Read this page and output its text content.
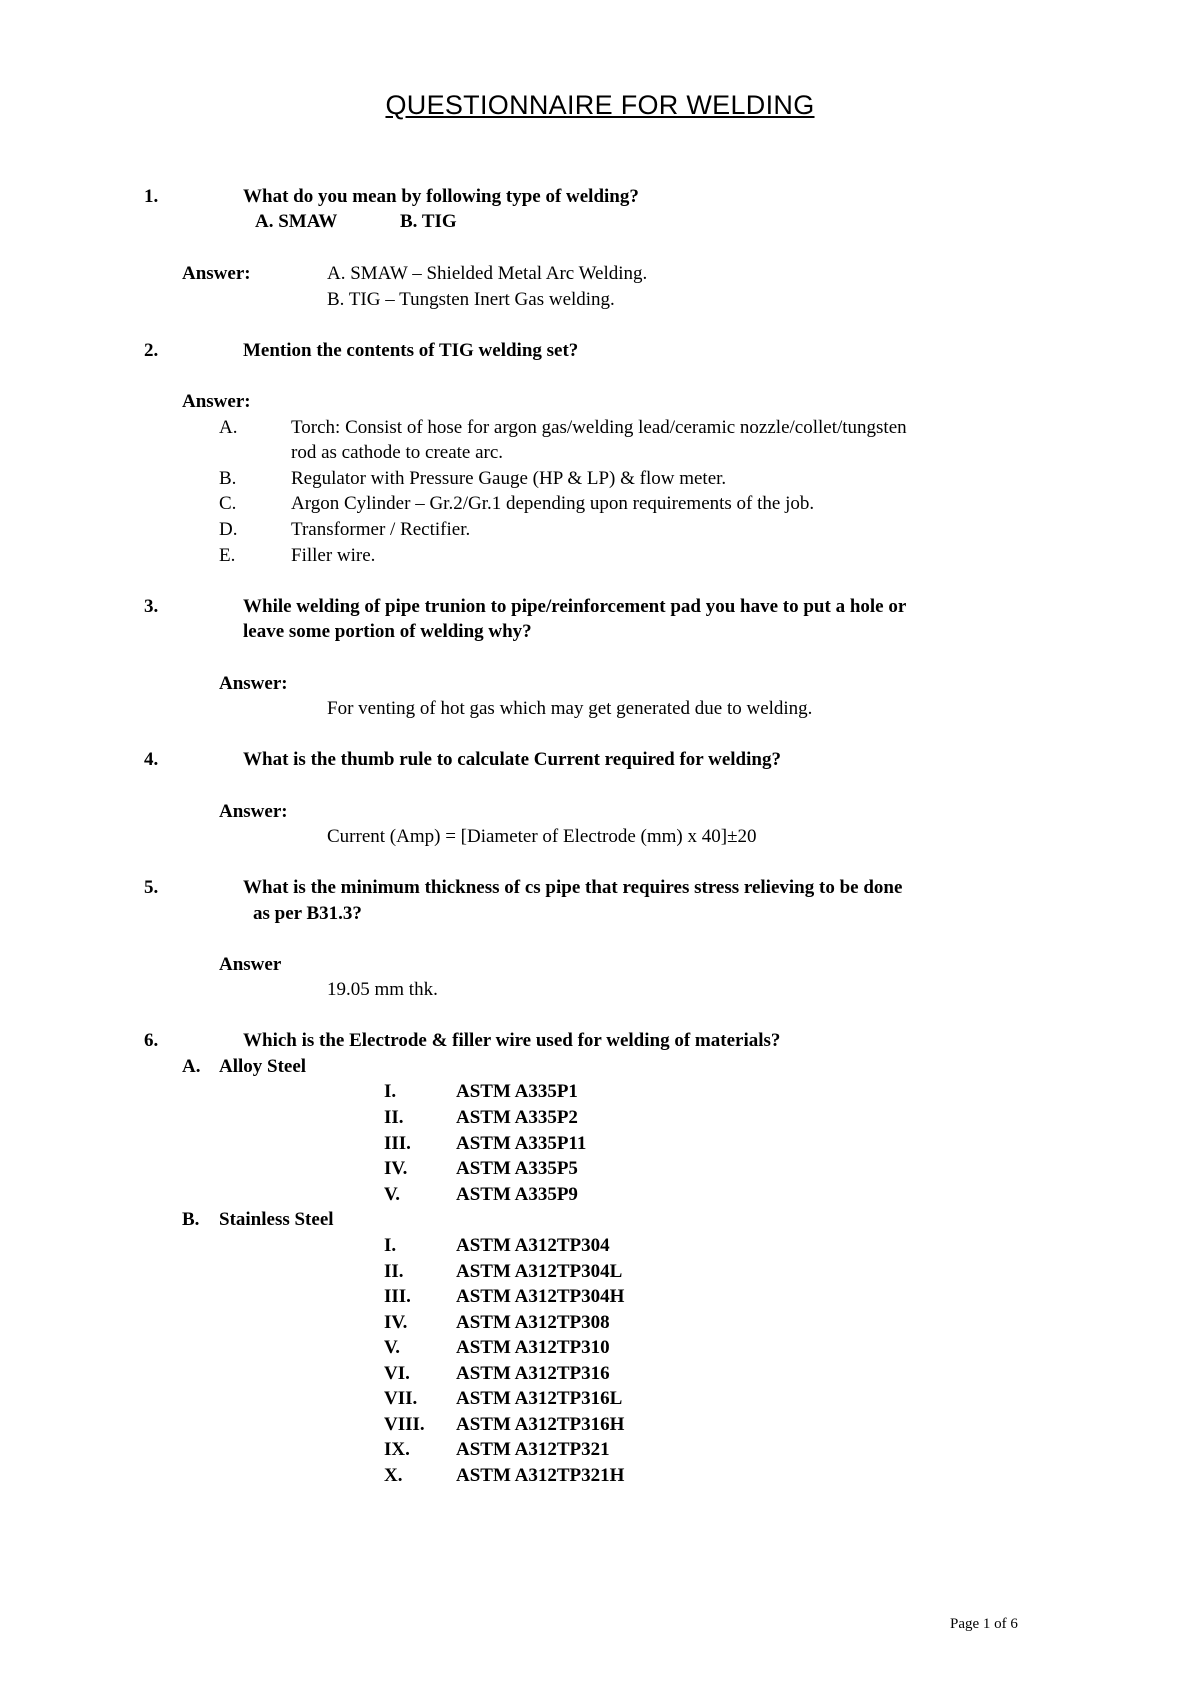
QUESTIONNAIRE FOR WELDING
1.	What do you mean by following type of welding?
A. SMAW	B. TIG
Answer:	A. SMAW – Shielded Metal Arc Welding.
B. TIG – Tungsten Inert Gas welding.
2.	Mention the contents of TIG welding set?
Answer:
A.	Torch: Consist of hose for argon gas/welding lead/ceramic nozzle/collet/tungsten
rod as cathode to create arc.
B.	Regulator with Pressure Gauge (HP & LP) & flow meter.
C.	Argon Cylinder – Gr.2/Gr.1 depending upon requirements of the job.
D.	Transformer / Rectifier.
E.	Filler wire.
3.	While welding of pipe trunion to pipe/reinforcement pad you have to put a hole or
leave some portion of welding why?
Answer:
For venting of hot gas which may get generated due to welding.
4.	What is the thumb rule to calculate Current required for welding?
Answer:
Current (Amp) = [Diameter of Electrode (mm) x 40]±20
5.	What is the minimum thickness of cs pipe that requires stress relieving to be done
as per B31.3?
Answer
19.05 mm thk.
6.	Which is the Electrode & filler wire used for welding of materials?
A. Alloy Steel
I.	ASTM A335P1
II.	ASTM A335P2
III. ASTM A335P11
IV.	ASTM A335P5
V.	ASTM A335P9
B. Stainless Steel
I.	ASTM A312TP304
II.	ASTM A312TP304L
III. ASTM A312TP304H
IV.	ASTM A312TP308
V.	ASTM A312TP310
VI. ASTM A312TP316
VII. ASTM A312TP316L
VIII. ASTM A312TP316H
IX. ASTM A312TP321
X.	ASTM A312TP321H
Page 1 of 6
